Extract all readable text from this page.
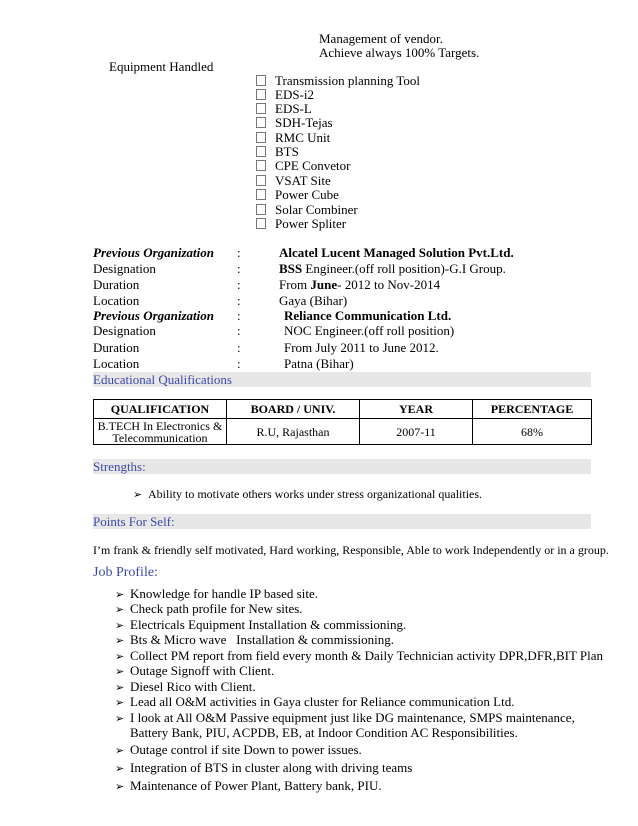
Management of vendor.
Achieve always 100% Targets.
Equipment Handled
Transmission planning Tool
EDS-i2
EDS-L
SDH-Tejas
RMC Unit
BTS
CPE Convetor
VSAT Site
Power Cube
Solar Combiner
Power Spliter
Previous Organization :	Alcatel Lucent Managed Solution Pvt.Ltd.
Designation	:	BSS Engineer.(off roll position)-G.I Group.
Duration	:	From June- 2012 to Nov-2014
Location	:	Gaya (Bihar)
Previous Organization :	Reliance Communication Ltd.
Designation	:	NOC Engineer.(off roll position)
Duration	:	From July 2011 to June 2012.
Location	:	Patna (Bihar)
Educational Qualifications
QUALIFICATION	BOARD / UNIV.	YEAR	PERCENTAGE
B.TECH In Electronics &
Telecommunication	R.U, Rajasthan	2007-11	68%
Strengths:
➢ Ability to motivate others works under stress organizational qualities.
Points For Self:
I’m frank & friendly self motivated, Hard working, Responsible, Able to work Independently or in a group.
Job Profile:
➢ Knowledge for handle IP based site.
➢ Check path profile for New sites.
➢ Electricals Equipment Installation & commissioning.
➢ Bts & Micro wave   Installation & commissioning.
➢ Collect PM report from field every month & Daily Technician activity DPR,DFR,BIT Plan
➢ Outage Signoff with Client.
➢ Diesel Rico with Client.
➢ Lead all O&M activities in Gaya cluster for Reliance communication Ltd.
➢ I look at All O&M Passive equipment just like DG maintenance, SMPS maintenance,
Battery Bank, PIU, ACPDB, EB, at Indoor Condition AC Responsibilities.
➢ Outage control if site Down to power issues.
➢ Integration of BTS in cluster along with driving teams
➢ Maintenance of Power Plant, Battery bank, PIU.
